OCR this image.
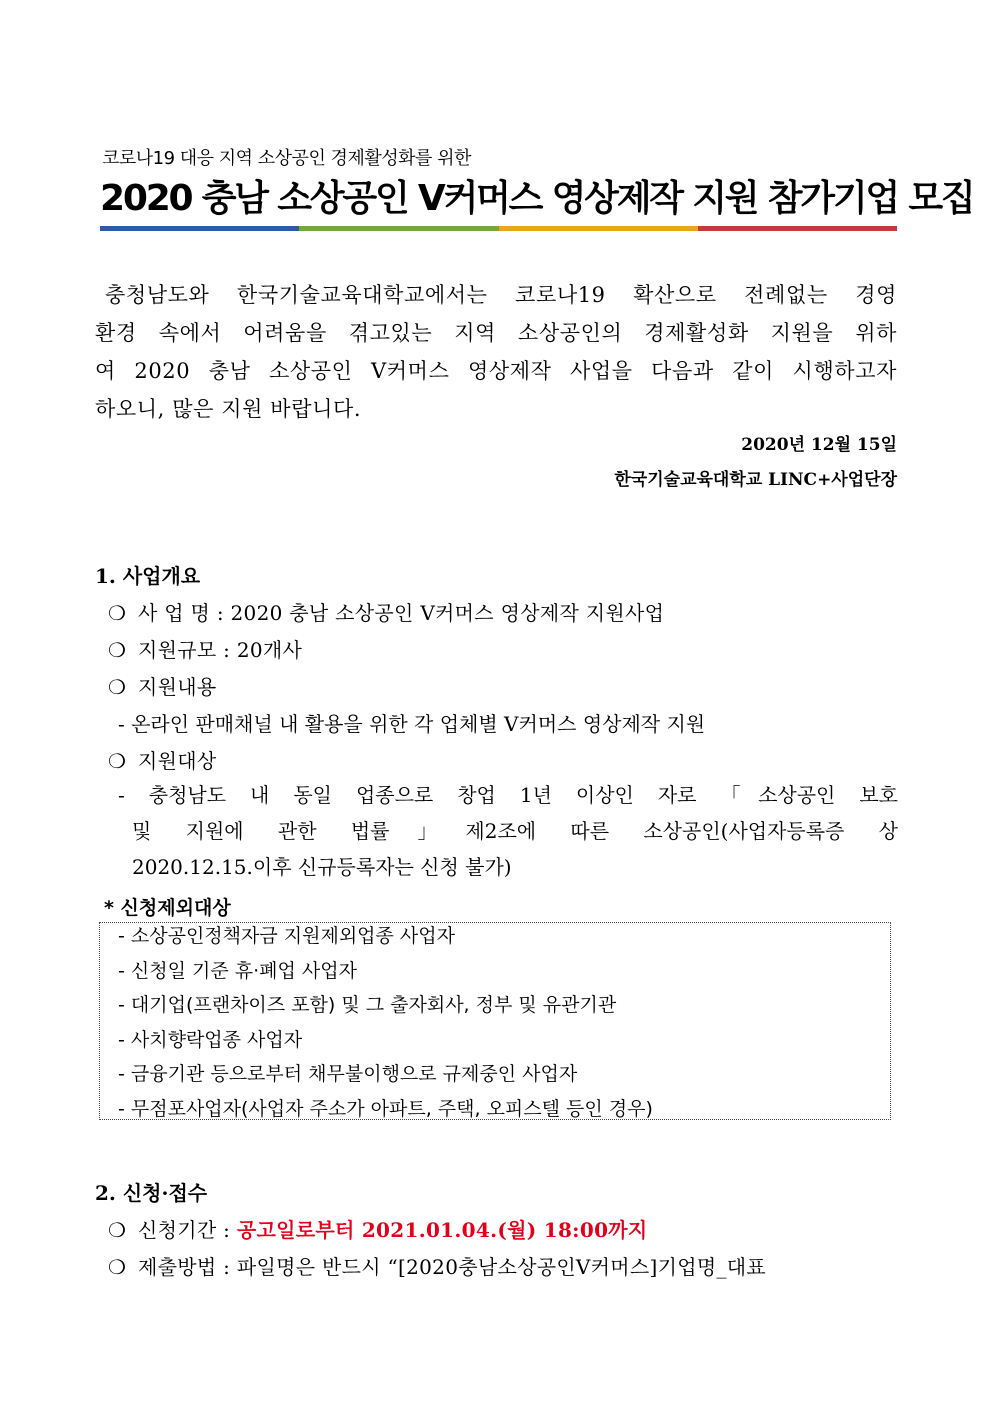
코로나19 대응 지역 소상공인 경제활성화를 위한
2020 충남 소상공인 V커머스 영상제작 지원 참가기업 모집
충청남도와 한국기술교육대학교에서는 코로나19 확산으로 전례없는 경영
환경 속에서 어려움을 겪고있는 지역 소상공인의 경제활성화 지원을 위하
여 2020 충남 소상공인 V커머스 영상제작 사업을 다음과 같이 시행하고자
하오니, 많은 지원 바랍니다.
2020년 12월 15일
한국기술교육대학교 LINC+사업단장
1. 사업개요
❍ 사 업 명 : 2020 충남 소상공인 V커머스 영상제작 지원사업
❍ 지원규모 : 20개사
❍ 지원내용
- 온라인 판매채널 내 활용을 위한 각 업체별 V커머스 영상제작 지원
❍ 지원대상
- 충청남도 내 동일 업종으로 창업 1년 이상인 자로 「소상공인 보호
및 지원에 관한 법률」제2조에 따른 소상공인(사업자등록증 상
2020.12.15.이후 신규등록자는 신청 불가)
* 신청제외대상
- 소상공인정책자금 지원제외업종 사업자
- 신청일 기준 휴·폐업 사업자
- 대기업(프랜차이즈 포함) 및 그 출자회사, 정부 및 유관기관
- 사치향락업종 사업자
- 금융기관 등으로부터 채무불이행으로 규제중인 사업자
- 무점포사업자(사업자 주소가 아파트, 주택, 오피스텔 등인 경우)
2. 신청·접수
❍ 신청기간 : 공고일로부터 2021.01.04.(월) 18:00까지
❍ 제출방법 : 파일명은 반드시 “[2020충남소상공인V커머스]기업명_대표
